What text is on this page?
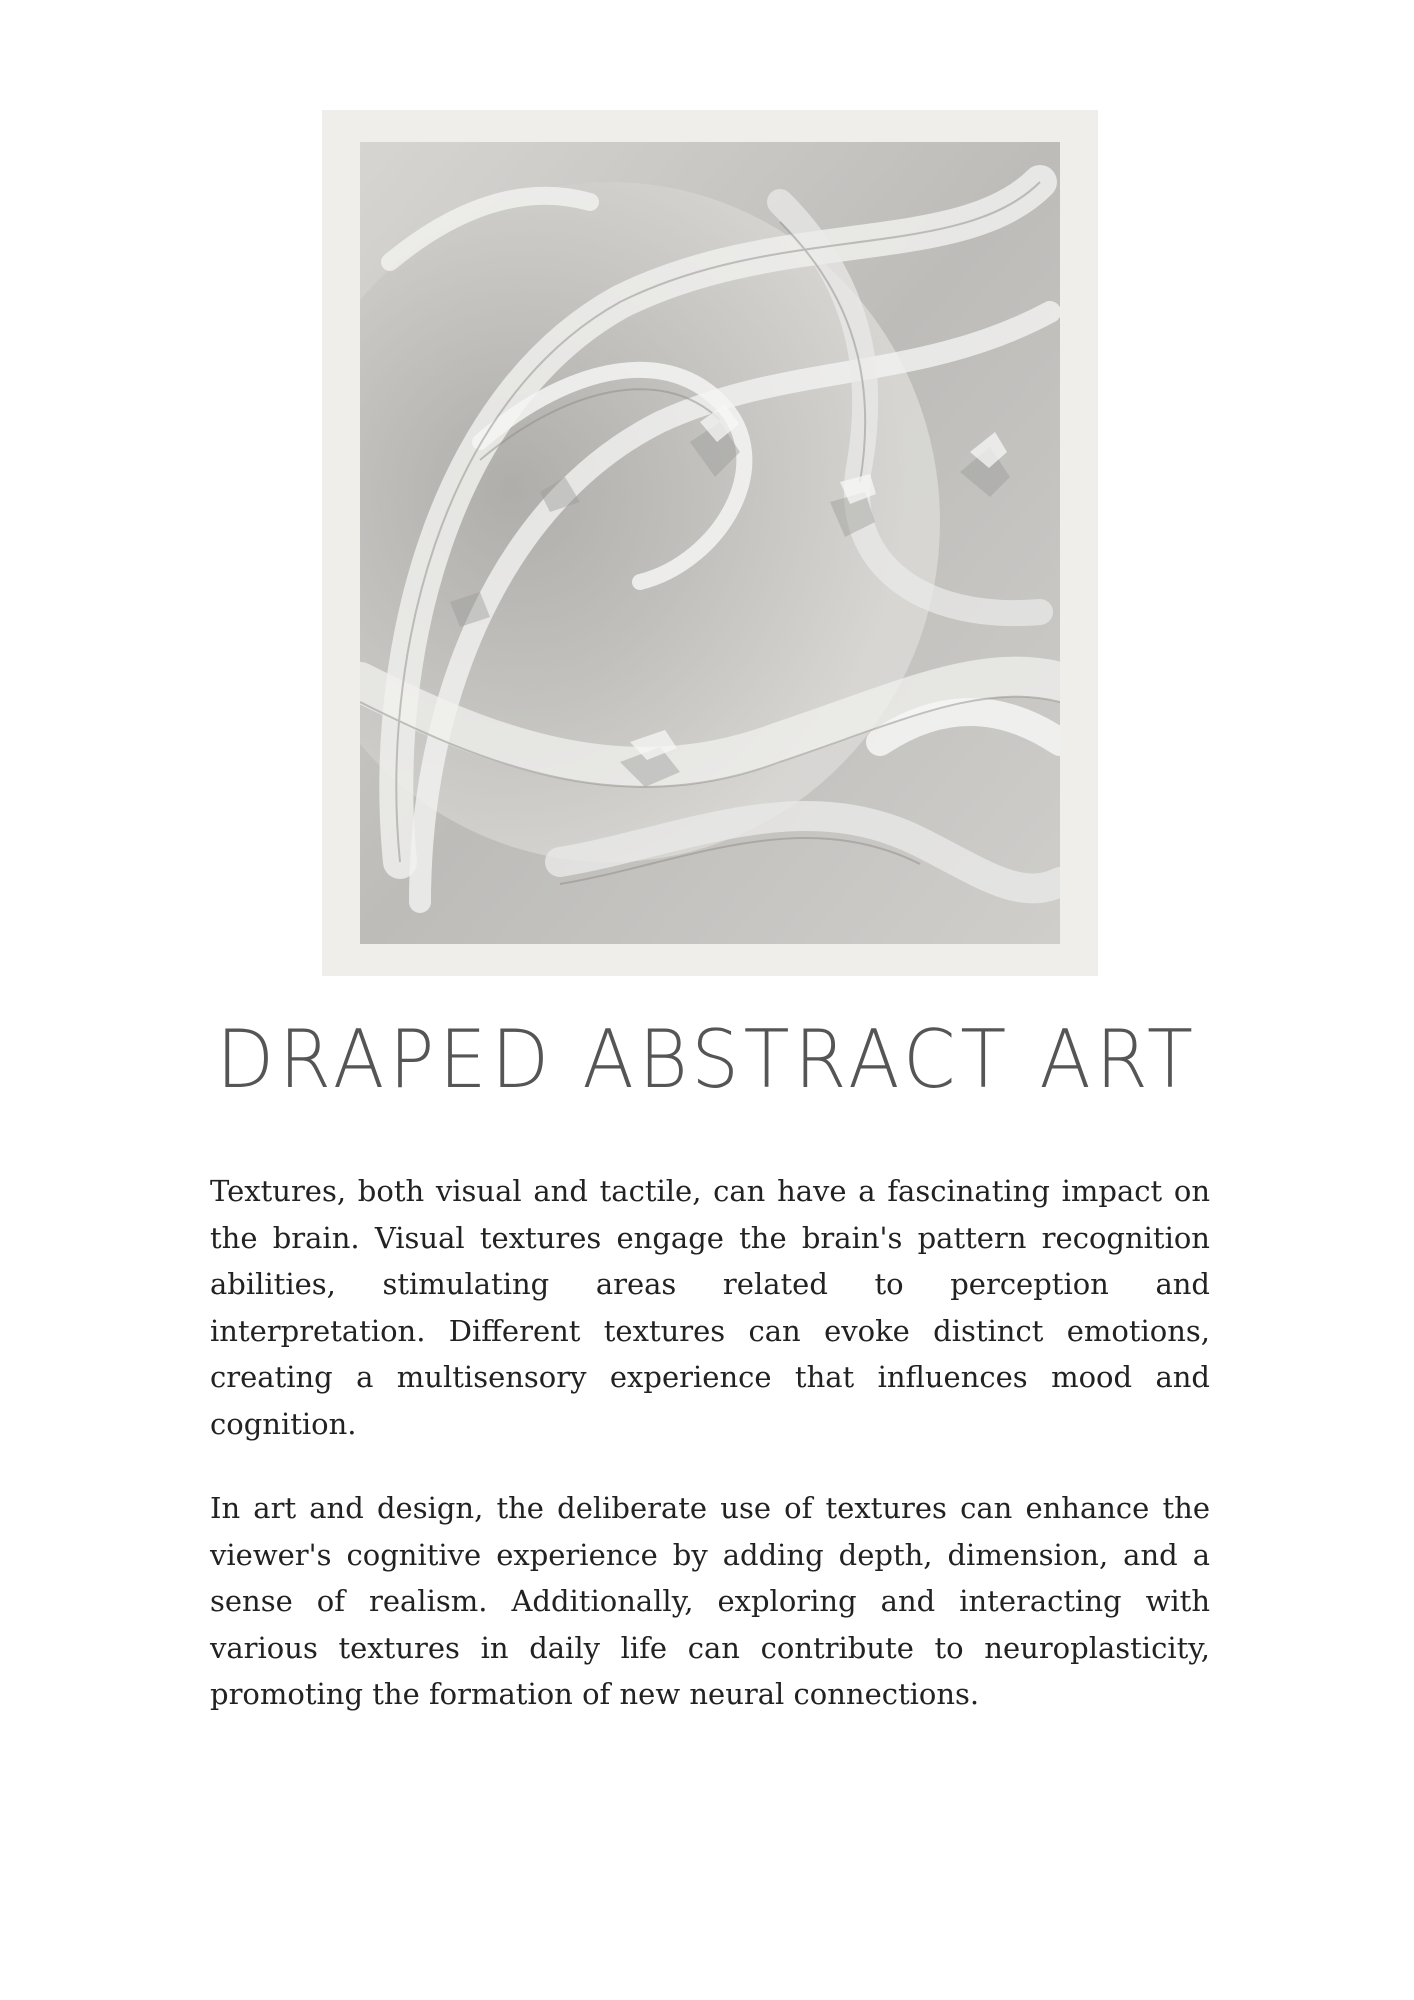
DRAPED ABSTRACT ART

Textures, both visual and tactile, can have a fascinating impact on the brain. Visual textures engage the brain's pattern recognition abilities, stimulating areas related to perception and interpretation. Different textures can evoke distinct emotions, creating a multisensory experience that influences mood and cognition.

In art and design, the deliberate use of textures can enhance the viewer's cognitive experience by adding depth, dimension, and a sense of realism. Additionally, exploring and interacting with various textures in daily life can contribute to neuroplasticity, promoting the formation of new neural connections.
